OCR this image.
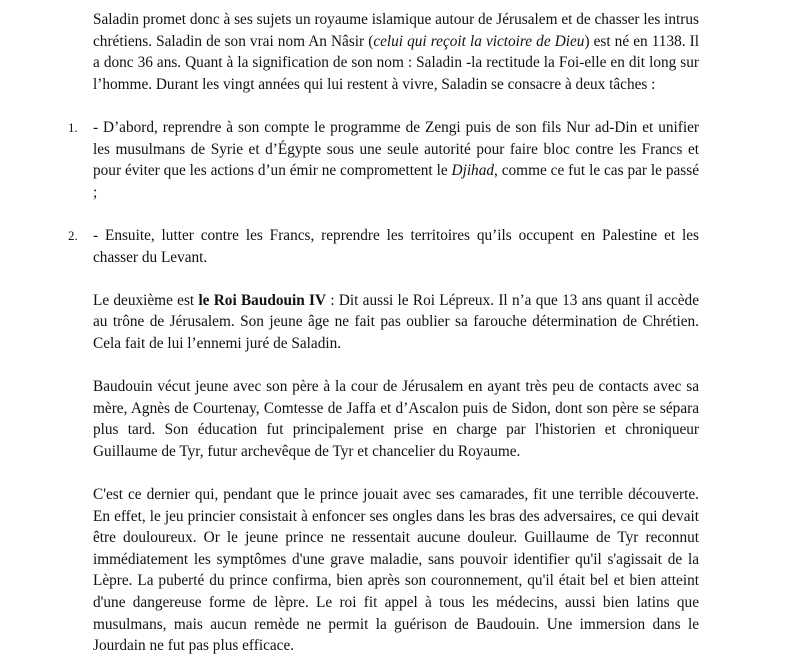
Saladin promet donc à ses sujets un royaume islamique autour de Jérusalem et de chasser les intrus chrétiens. Saladin de son vrai nom An Nâsir (celui qui reçoit la victoire de Dieu) est né en 1138. Il a donc 36 ans. Quant à la signification de son nom : Saladin -la rectitude la Foi-elle en dit long sur l’homme. Durant les vingt années qui lui restent à vivre, Saladin se consacre à deux tâches :

1. - D’abord, reprendre à son compte le programme de Zengi puis de son fils Nur ad-Din et unifier les musulmans de Syrie et d’Égypte sous une seule autorité pour faire bloc contre les Francs et pour éviter que les actions d’un émir ne compromettent le Djihad, comme ce fut le cas par le passé ;

2. - Ensuite, lutter contre les Francs, reprendre les territoires qu’ils occupent en Palestine et les chasser du Levant.

Le deuxième est le Roi Baudouin IV : Dit aussi le Roi Lépreux. Il n’a que 13 ans quant il accède au trône de Jérusalem. Son jeune âge ne fait pas oublier sa farouche détermination de Chrétien. Cela fait de lui l’ennemi juré de Saladin.

Baudouin vécut jeune avec son père à la cour de Jérusalem en ayant très peu de contacts avec sa mère, Agnès de Courtenay, Comtesse de Jaffa et d’Ascalon puis de Sidon, dont son père se sépara plus tard. Son éducation fut principalement prise en charge par l'historien et chroniqueur Guillaume de Tyr, futur archevêque de Tyr et chancelier du Royaume.

C'est ce dernier qui, pendant que le prince jouait avec ses camarades, fit une terrible découverte. En effet, le jeu princier consistait à enfoncer ses ongles dans les bras des adversaires, ce qui devait être douloureux. Or le jeune prince ne ressentait aucune douleur. Guillaume de Tyr reconnut immédiatement les symptômes d'une grave maladie, sans pouvoir identifier qu'il s'agissait de la Lèpre. La puberté du prince confirma, bien après son couronnement, qu'il était bel et bien atteint d'une dangereuse forme de lèpre. Le roi fit appel à tous les médecins, aussi bien latins que musulmans, mais aucun remède ne permit la guérison de Baudouin. Une immersion dans le Jourdain ne fut pas plus efficace.
